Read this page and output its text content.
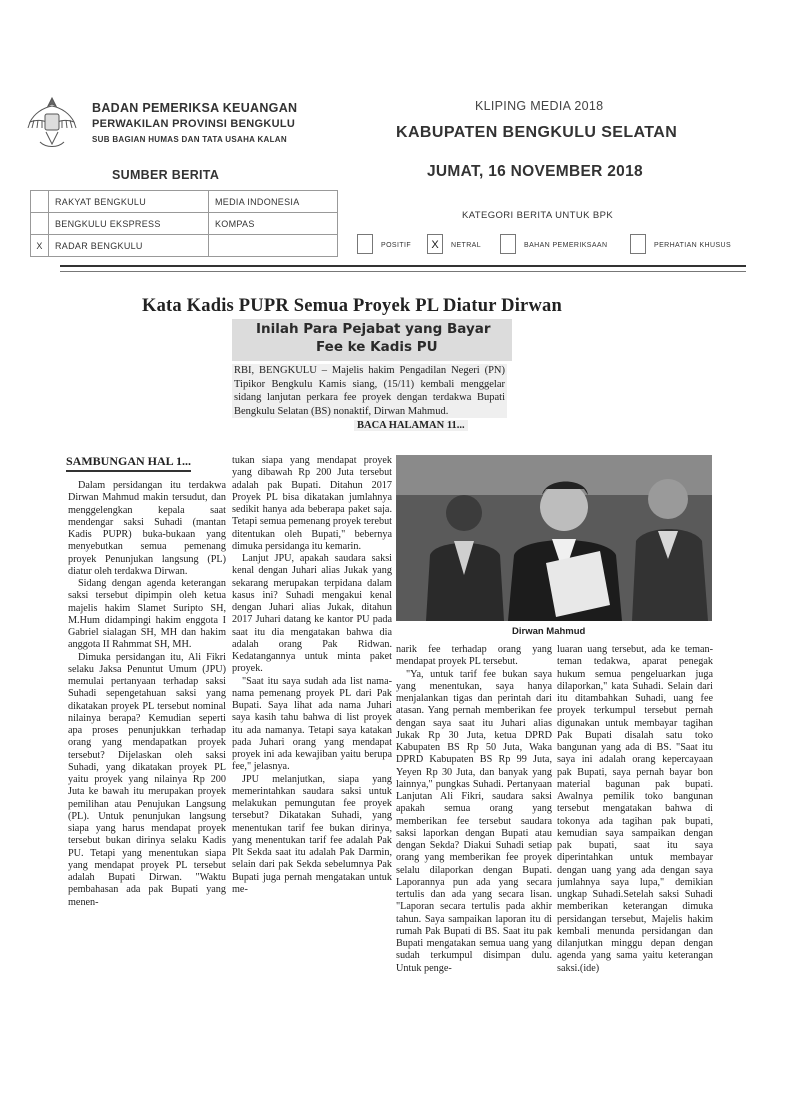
BADAN PEMERIKSA KEUANGAN
PERWAKILAN PROVINSI BENGKULU
SUB BAGIAN HUMAS DAN TATA USAHA KALAN
KLIPING MEDIA 2018
KABUPATEN BENGKULU SELATAN
JUMAT, 16 NOVEMBER 2018
SUMBER BERITA
	RAKYAT BENGKULU	MEDIA INDONESIA
	BENGKULU EKSPRESS	KOMPAS
X	RADAR BENGKULU	
KATEGORI BERITA UNTUK BPK
POSITIF	X	NETRAL	BAHAN PEMERIKSAAN	PERHATIAN KHUSUS
Kata Kadis PUPR Semua Proyek PL Diatur Dirwan
Inilah Para Pejabat yang Bayar
Fee ke Kadis PU
RBI, BENGKULU – Majelis hakim Pengadilan Negeri (PN) Tipikor Bengkulu Kamis siang, (15/11) kembali menggelar sidang lanjutan perkara fee proyek dengan terdakwa Bupati Bengkulu Selatan (BS) nonaktif, Dirwan Mahmud.
BACA HALAMAN 11...
SAMBUNGAN HAL 1...

Dalam persidangan itu terdakwa Dirwan Mahmud makin tersudut, dan menggelengkan kepala saat mendengar saksi Suhadi (mantan Kadis PUPR) buka-bukaan yang menyebutkan semua pemenang proyek Penunjukan langsung (PL) diatur oleh terdakwa Dirwan.

Sidang dengan agenda keterangan saksi tersebut dipimpin oleh ketua majelis hakim Slamet Suripto SH, M.Hum didampingi hakim enggota I Gabriel sialagan SH, MH dan hakim anggota II Rahmmat SH, MH.

Dimuka persidangan itu, Ali Fikri selaku Jaksa Penuntut Umum (JPU) memulai pertanyaan terhadap saksi Suhadi sepengetahuan saksi yang dikatakan proyek PL tersebut nominal nilainya berapa? Kemudian seperti apa proses penunjukkan terhadap orang yang mendapatkan proyek tersebut? Dijelaskan oleh saksi Suhadi, yang dikatakan proyek PL yaitu proyek yang nilainya Rp 200 Juta ke bawah itu merupakan proyek pemilihan atau Penujukan Langsung (PL). Untuk penunjukan langsung siapa yang harus mendapat proyek tersebut bukan dirinya selaku Kadis PU. Tetapi yang menentukan siapa yang mendapat proyek PL tersebut adalah Bupati Dirwan. "Waktu pembahasan ada pak Bupati yang menen-

tukan siapa yang mendapat proyek yang dibawah Rp 200 Juta tersebut adalah pak Bupati. Ditahun 2017 Proyek PL bisa dikatakan jumlahnya sedikit hanya ada beberapa paket saja. Tetapi semua pemenang proyek terebut ditentukan oleh Bupati," bebernya dimuka persidanga itu kemarin.

Lanjut JPU, apakah saudara saksi kenal dengan Juhari alias Jukak yang sekarang merupakan terpidana dalam kasus ini? Suhadi mengakui kenal dengan Juhari alias Jukak, ditahun 2017 Juhari datang ke kantor PU pada saat itu dia mengatakan bahwa dia adalah orang Pak Ridwan. Kedatangannya untuk minta paket proyek.

"Saat itu saya sudah ada list nama-nama pemenang proyek PL dari Pak Bupati. Saya lihat ada nama Juhari saya kasih tahu bahwa di list proyek itu ada namanya. Tetapi saya katakan pada Juhari orang yang mendapat proyek ini ada kewajiban yaitu berupa fee," jelasnya.

JPU melanjutkan, siapa yang memerintahkan saudara saksi untuk melakukan pemungutan fee proyek tersebut? Dikatakan Suhadi, yang menentukan tarif fee bukan dirinya, yang menentukan tarif fee adalah Pak Plt Sekda saat itu adalah Pak Darmin, selain dari pak Sekda sebelumnya Pak Bupati juga pernah mengatakan untuk me-

Dirwan Mahmud

narik fee terhadap orang yang mendapat proyek PL tersebut.

"Ya, untuk tarif fee bukan saya yang menentukan, saya hanya menjalankan tigas dan perintah dari atasan. Yang pernah memberikan fee dengan saya saat itu Juhari alias Jukak Rp 30 Juta, ketua DPRD Kabupaten BS Rp 50 Juta, Waka DPRD Kabupaten BS Rp 99 Juta, Yeyen Rp 30 Juta, dan banyak yang lainnya," pungkas Suhadi. Pertanyaan Lanjutan Ali Fikri, saudara saksi apakah semua orang yang memberikan fee tersebut saudara saksi laporkan dengan Bupati atau dengan Sekda? Diakui Suhadi setiap orang yang memberikan fee proyek selalu dilaporkan dengan Bupati. Laporannya pun ada yang secara tertulis dan ada yang secara lisan. "Laporan secara tertulis pada akhir tahun. Saya sampaikan laporan itu di rumah Pak Bupati di BS. Saat itu pak Bupati mengatakan semua uang yang sudah terkumpul disimpan dulu. Untuk penge-

luaran uang tersebut, ada ke teman-teman tedakwa, aparat penegak hukum semua pengeluarkan juga dilaporkan," kata Suhadi. Selain dari itu ditambahkan Suhadi, uang fee proyek terkumpul tersebut pernah digunakan untuk membayar tagihan Pak Bupati disalah satu toko bangunan yang ada di BS. "Saat itu saya ini adalah orang kepercayaan pak Bupati, saya pernah bayar bon material bagunan pak bupati. Awalnya pemilik toko bangunan tersebut mengatakan bahwa di tokonya ada tagihan pak bupati, kemudian saya sampaikan dengan pak bupati, saat itu saya diperintahkan untuk membayar dengan uang yang ada dengan saya jumlahnya saya lupa," demikian ungkap Suhadi.Setelah saksi Suhadi memberikan keterangan dimuka persidangan tersebut, Majelis hakim kembali menunda persidangan dan dilanjutkan minggu depan dengan agenda yang sama yaitu keterangan saksi.(ide)
